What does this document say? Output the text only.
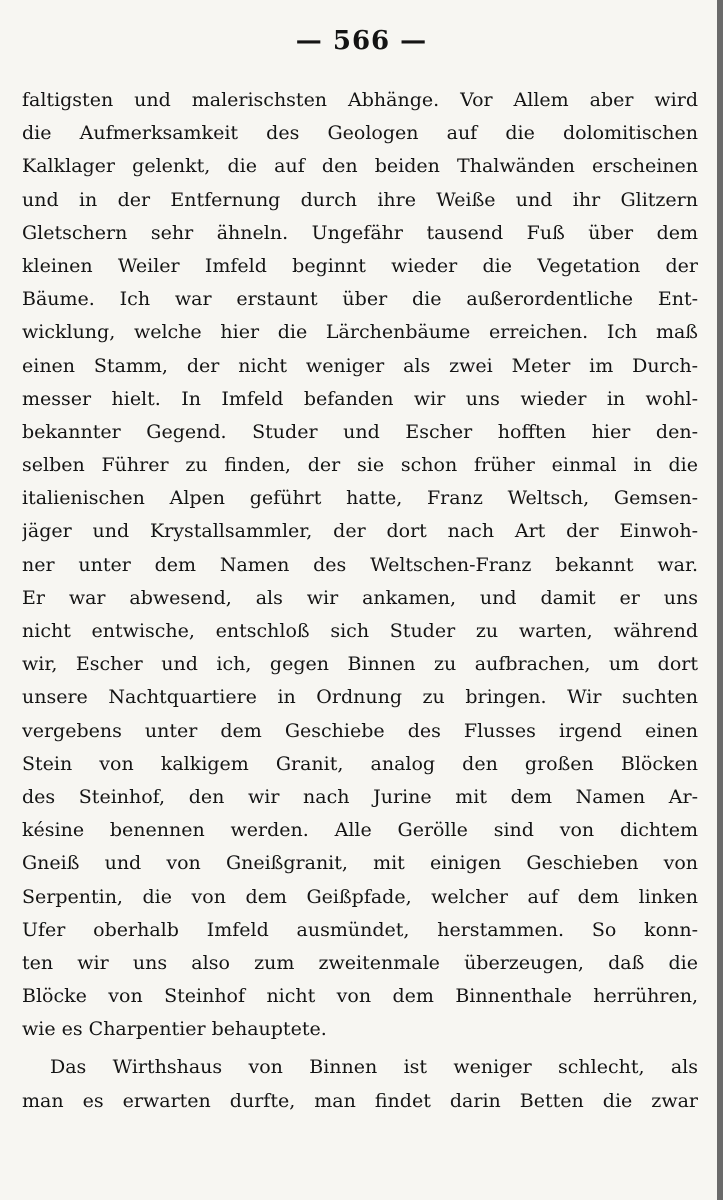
— 566 —
faltigsten und malerischsten Abhänge. Vor Allem aber wird
die Aufmerksamkeit des Geologen auf die dolomitischen
Kalklager gelenkt, die auf den beiden Thalwänden erscheinen
und in der Entfernung durch ihre Weiße und ihr Glitzern
Gletschern sehr ähneln. Ungefähr tausend Fuß über dem
kleinen Weiler Imfeld beginnt wieder die Vegetation der
Bäume. Ich war erstaunt über die außerordentliche Ent-
wicklung, welche hier die Lärchenbäume erreichen. Ich maß
einen Stamm, der nicht weniger als zwei Meter im Durch-
messer hielt. In Imfeld befanden wir uns wieder in wohl-
bekannter Gegend. Studer und Escher hofften hier den-
selben Führer zu finden, der sie schon früher einmal in die
italienischen Alpen geführt hatte, Franz Weltsch, Gemsen-
jäger und Krystallsammler, der dort nach Art der Einwoh-
ner unter dem Namen des Weltschen-Franz bekannt war.
Er war abwesend, als wir ankamen, und damit er uns
nicht entwische, entschloß sich Studer zu warten, während
wir, Escher und ich, gegen Binnen zu aufbrachen, um dort
unsere Nachtquartiere in Ordnung zu bringen. Wir suchten
vergebens unter dem Geschiebe des Flusses irgend einen
Stein von kalkigem Granit, analog den großen Blöcken
des Steinhof, den wir nach Jurine mit dem Namen Ar-
késine benennen werden. Alle Gerölle sind von dichtem
Gneiß und von Gneißgranit, mit einigen Geschieben von
Serpentin, die von dem Geißpfade, welcher auf dem linken
Ufer oberhalb Imfeld ausmündet, herstammen. So konn-
ten wir uns also zum zweitenmale überzeugen, daß die
Blöcke von Steinhof nicht von dem Binnenthale herrühren,
wie es Charpentier behauptete.
Das Wirthshaus von Binnen ist weniger schlecht, als
man es erwarten durfte, man findet darin Betten die zwar
